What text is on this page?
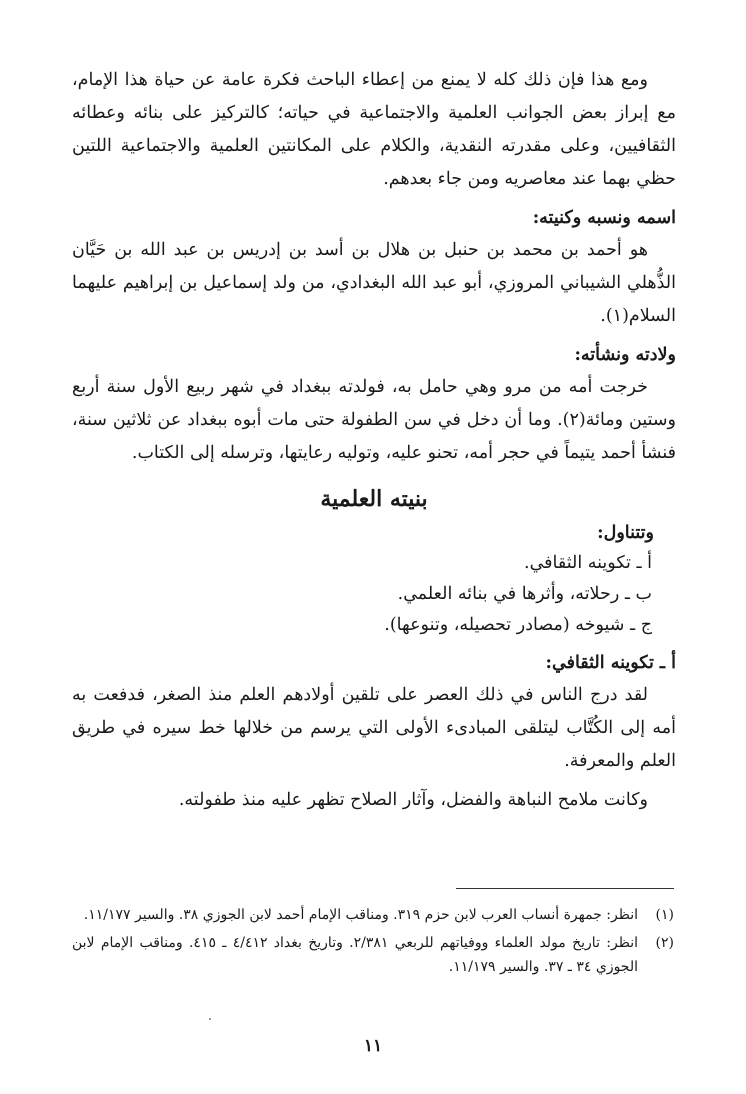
ومع هذا فإن ذلك كله لا يمنع من إعطاء الباحث فكرة عامة عن حياة هذا الإمام، مع إبراز بعض الجوانب العلمية والاجتماعية في حياته؛ كالتركيز على بنائه وعطائه الثقافيين، وعلى مقدرته النقدية، والكلام على المكانتين العلمية والاجتماعية اللتين حظي بهما عند معاصريه ومن جاء بعدهم.

اسمه ونسبه وكنيته:

هو أحمد بن محمد بن حنبل بن هلال بن أسد بن إدريس بن عبد الله بن حَيَّان الذُّهلي الشيباني المروزي، أبو عبد الله البغدادي، من ولد إسماعيل بن إبراهيم عليهما السلام(١).

ولادته ونشأته:

خرجت أمه من مرو وهي حامل به، فولدته ببغداد في شهر ربيع الأول سنة أربع وستين ومائة(٢). وما أن دخل في سن الطفولة حتى مات أبوه ببغداد عن ثلاثين سنة، فنشأ أحمد يتيماً في حجر أمه، تحنو عليه، وتوليه رعايتها، وترسله إلى الكتاب.

بنيته العلمية
وتتناول:
أ ـ تكوينه الثقافي.
ب ـ رحلاته، وأثرها في بنائه العلمي.
ج ـ شيوخه (مصادر تحصيله، وتنوعها).
أ ـ تكوينه الثقافي:

لقد درج الناس في ذلك العصر على تلقين أولادهم العلم منذ الصغر، فدفعت به أمه إلى الكُتَّاب ليتلقى المبادىء الأولى التي يرسم من خلالها خط سيره في طريق العلم والمعرفة.

وكانت ملامح النباهة والفضل، وآثار الصلاح تظهر عليه منذ طفولته.

(١)
انظر: جمهرة أنساب العرب لابن حزم ٣١٩. ومناقب الإمام أحمد لابن الجوزي ٣٨. والسير ١١/١٧٧.
(٢)
انظر: تاريخ مولد العلماء ووفياتهم للربعي ٢/٣٨١. وتاريخ بغداد ٤/٤١٢ ـ ٤١٥. ومناقب الإمام لابن الجوزي ٣٤ ـ ٣٧. والسير ١١/١٧٩.
١١
